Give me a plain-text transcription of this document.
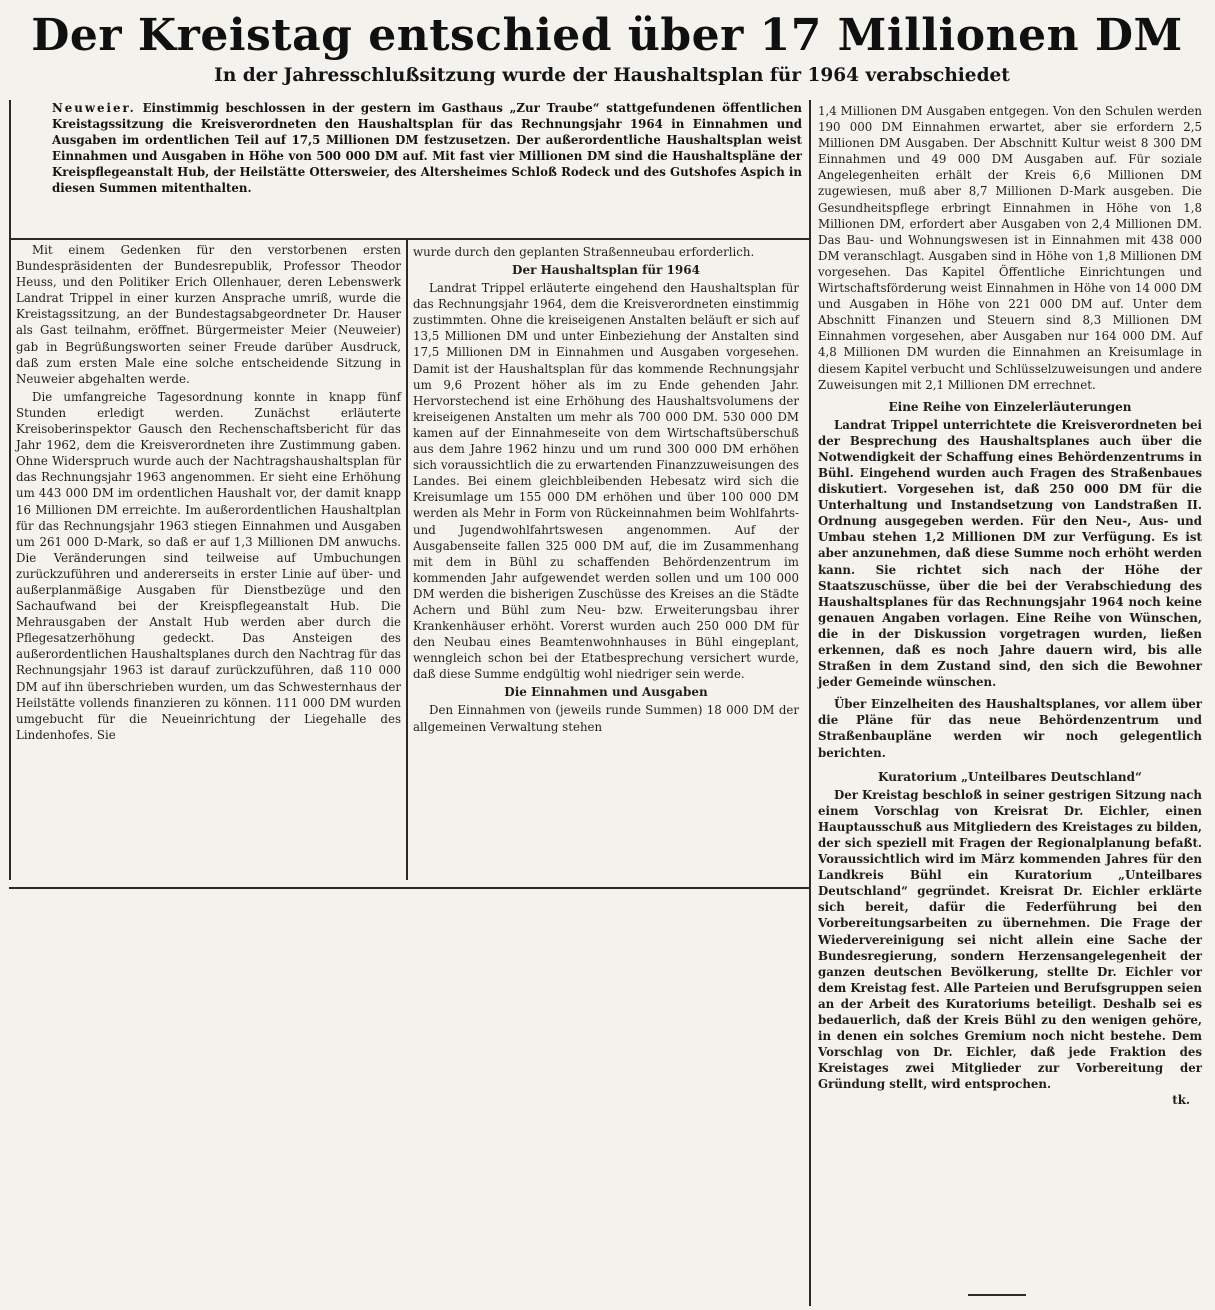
Der Kreistag entschied über 17 Millionen DM
In der Jahresschlußsitzung wurde der Haushaltsplan für 1964 verabschiedet
Neuweier. Einstimmig beschlossen in der gestern im Gasthaus „Zur Traube“ stattgefundenen öffentlichen Kreistagssitzung die Kreisverordneten den Haushaltsplan für das Rechnungsjahr 1964 in Einnahmen und Ausgaben im ordentlichen Teil auf 17,5 Millionen DM festzusetzen. Der außerordentliche Haushaltsplan weist Einnahmen und Ausgaben in Höhe von 500 000 DM auf. Mit fast vier Millionen DM sind die Haushaltspläne der Kreispflegeanstalt Hub, der Heilstätte Ottersweier, des Altersheimes Schloß Rodeck und des Gutshofes Aspich in diesen Summen mitenthalten.

Mit einem Gedenken für den verstorbenen ersten Bundespräsidenten der Bundesrepublik, Professor Theodor Heuss, und den Politiker Erich Ollenhauer, deren Lebenswerk Landrat Trippel in einer kurzen Ansprache umriß, wurde die Kreistagssitzung, an der Bundestagsabgeordneter Dr. Hauser als Gast teilnahm, eröffnet. Bürgermeister Meier (Neuweier) gab in Begrüßungsworten seiner Freude darüber Ausdruck, daß zum ersten Male eine solche entscheidende Sitzung in Neuweier abgehalten werde.

Die umfangreiche Tagesordnung konnte in knapp fünf Stunden erledigt werden. Zunächst erläuterte Kreisoberinspektor Gausch den Rechenschaftsbericht für das Jahr 1962, dem die Kreisverordneten ihre Zustimmung gaben. Ohne Widerspruch wurde auch der Nachtragshaushaltsplan für das Rechnungsjahr 1963 angenommen. Er sieht eine Erhöhung um 443 000 DM im ordentlichen Haushalt vor, der damit knapp 16 Millionen DM erreichte. Im außerordentlichen Haushaltplan für das Rechnungsjahr 1963 stiegen Einnahmen und Ausgaben um 261 000 D-Mark, so daß er auf 1,3 Millionen DM anwuchs. Die Veränderungen sind teilweise auf Umbuchungen zurückzuführen und andererseits in erster Linie auf über- und außerplanmäßige Ausgaben für Dienstbezüge und den Sachaufwand bei der Kreispflegeanstalt Hub. Die Mehrausgaben der Anstalt Hub werden aber durch die Pflegesatzerhöhung gedeckt. Das Ansteigen des außerordentlichen Haushaltsplanes durch den Nachtrag für das Rechnungsjahr 1963 ist darauf zurückzuführen, daß 110 000 DM auf ihn überschrieben wurden, um das Schwesternhaus der Heilstätte vollends finanzieren zu können. 111 000 DM wurden umgebucht für die Neueinrichtung der Liegehalle des Lindenhofes. Sie

wurde durch den geplanten Straßenneubau erforderlich.

Der Haushaltsplan für 1964

Landrat Trippel erläuterte eingehend den Haushaltsplan für das Rechnungsjahr 1964, dem die Kreisverordneten einstimmig zustimmten. Ohne die kreiseigenen Anstalten beläuft er sich auf 13,5 Millionen DM und unter Einbeziehung der Anstalten sind 17,5 Millionen DM in Einnahmen und Ausgaben vorgesehen. Damit ist der Haushaltsplan für das kommende Rechnungsjahr um 9,6 Prozent höher als im zu Ende gehenden Jahr. Hervorstechend ist eine Erhöhung des Haushaltsvolumens der kreiseigenen Anstalten um mehr als 700 000 DM. 530 000 DM kamen auf der Einnahmeseite von dem Wirtschaftsüberschuß aus dem Jahre 1962 hinzu und um rund 300 000 DM erhöhen sich voraussichtlich die zu erwartenden Finanzzuweisungen des Landes. Bei einem gleichbleibenden Hebesatz wird sich die Kreisumlage um 155 000 DM erhöhen und über 100 000 DM werden als Mehr in Form von Rückeinnahmen beim Wohlfahrts- und Jugendwohlfahrtswesen angenommen. Auf der Ausgabenseite fallen 325 000 DM auf, die im Zusammenhang mit dem in Bühl zu schaffenden Behördenzentrum im kommenden Jahr aufgewendet werden sollen und um 100 000 DM werden die bisherigen Zuschüsse des Kreises an die Städte Achern und Bühl zum Neu- bzw. Erweiterungsbau ihrer Krankenhäuser erhöht. Vorerst wurden auch 250 000 DM für den Neubau eines Beamtenwohnhauses in Bühl eingeplant, wenngleich schon bei der Etatbesprechung versichert wurde, daß diese Summe endgültig wohl niedriger sein werde.

Die Einnahmen und Ausgaben

Den Einnahmen von (jeweils runde Summen) 18 000 DM der allgemeinen Verwaltung stehen

1,4 Millionen DM Ausgaben entgegen. Von den Schulen werden 190 000 DM Einnahmen erwartet, aber sie erfordern 2,5 Millionen DM Ausgaben. Der Abschnitt Kultur weist 8 300 DM Einnahmen und 49 000 DM Ausgaben auf. Für soziale Angelegenheiten erhält der Kreis 6,6 Millionen DM zugewiesen, muß aber 8,7 Millionen D-Mark ausgeben. Die Gesundheitspflege erbringt Einnahmen in Höhe von 1,8 Millionen DM, erfordert aber Ausgaben von 2,4 Millionen DM. Das Bau- und Wohnungswesen ist in Einnahmen mit 438 000 DM veranschlagt. Ausgaben sind in Höhe von 1,8 Millionen DM vorgesehen. Das Kapitel Öffentliche Einrichtungen und Wirtschaftsförderung weist Einnahmen in Höhe von 14 000 DM und Ausgaben in Höhe von 221 000 DM auf. Unter dem Abschnitt Finanzen und Steuern sind 8,3 Millionen DM Einnahmen vorgesehen, aber Ausgaben nur 164 000 DM. Auf 4,8 Millionen DM wurden die Einnahmen an Kreisumlage in diesem Kapitel verbucht und Schlüsselzuweisungen und andere Zuweisungen mit 2,1 Millionen DM errechnet.

Eine Reihe von Einzelerläuterungen

Landrat Trippel unterrichtete die Kreisverordneten bei der Besprechung des Haushaltsplanes auch über die Notwendigkeit der Schaffung eines Behördenzentrums in Bühl. Eingehend wurden auch Fragen des Straßenbaues diskutiert. Vorgesehen ist, daß 250 000 DM für die Unterhaltung und Instandsetzung von Landstraßen II. Ordnung ausgegeben werden. Für den Neu-, Aus- und Umbau stehen 1,2 Millionen DM zur Verfügung. Es ist aber anzunehmen, daß diese Summe noch erhöht werden kann. Sie richtet sich nach der Höhe der Staatszuschüsse, über die bei der Verabschiedung des Haushaltsplanes für das Rechnungsjahr 1964 noch keine genauen Angaben vorlagen. Eine Reihe von Wünschen, die in der Diskussion vorgetragen wurden, ließen erkennen, daß es noch Jahre dauern wird, bis alle Straßen in dem Zustand sind, den sich die Bewohner jeder Gemeinde wünschen.

Über Einzelheiten des Haushaltsplanes, vor allem über die Pläne für das neue Behördenzentrum und Straßenbaupläne werden wir noch gelegentlich berichten.

Kuratorium „Unteilbares Deutschland“

Der Kreistag beschloß in seiner gestrigen Sitzung nach einem Vorschlag von Kreisrat Dr. Eichler, einen Hauptausschuß aus Mitgliedern des Kreistages zu bilden, der sich speziell mit Fragen der Regionalplanung befaßt. Voraussichtlich wird im März kommenden Jahres für den Landkreis Bühl ein Kuratorium „Unteilbares Deutschland“ gegründet. Kreisrat Dr. Eichler erklärte sich bereit, dafür die Federführung bei den Vorbereitungsarbeiten zu übernehmen. Die Frage der Wiedervereinigung sei nicht allein eine Sache der Bundesregierung, sondern Herzensangelegenheit der ganzen deutschen Bevölkerung, stellte Dr. Eichler vor dem Kreistag fest. Alle Parteien und Berufsgruppen seien an der Arbeit des Kuratoriums beteiligt. Deshalb sei es bedauerlich, daß der Kreis Bühl zu den wenigen gehöre, in denen ein solches Gremium noch nicht bestehe. Dem Vorschlag von Dr. Eichler, daß jede Fraktion des Kreistages zwei Mitglieder zur Vorbereitung der Gründung stellt, wird entsprochen.

tk.
